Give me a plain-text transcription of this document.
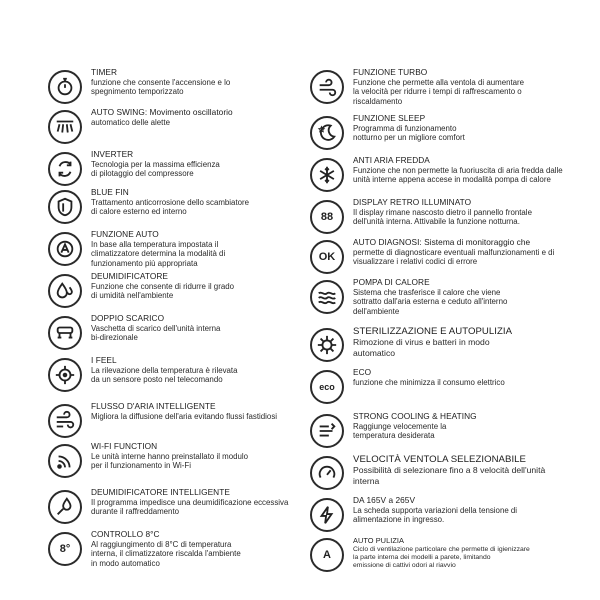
TIMER
funzione che consente l'accensione e lo
spegnimento temporizzato
AUTO SWING: Movimento oscillatorio
automatico delle alette
INVERTER
Tecnologia per la massima efficienza
di pilotaggio del compressore
BLUE FIN
Trattamento anticorrosione dello scambiatore
di calore esterno ed interno
FUNZIONE AUTO
In base alla temperatura impostata il
climatizzatore determina la modalità di
funzionamento più appropriata
DEUMIDIFICATORE
Funzione che consente di ridurre il grado
di umidità nell'ambiente
DOPPIO SCARICO
Vaschetta di scarico dell'unità interna
bi-direzionale
I FEEL
La rilevazione della temperatura è rilevata
da un sensore posto nel telecomando
FLUSSO D'ARIA INTELLIGENTE
Migliora la diffusione dell'aria evitando flussi fastidiosi
WI-FI FUNCTION
Le unità interne hanno preinstallato il modulo
per il funzionamento in Wi-Fi
DEUMIDIFICATORE INTELLIGENTE
Il programma impedisce una deumidificazione eccessiva
durante il raffreddamento
8°
CONTROLLO 8°C
Al raggiungimento di 8°C di temperatura
interna, il climatizzatore riscalda l'ambiente
in modo automatico
FUNZIONE TURBO
Funzione che permette alla ventola di aumentare
la velocità per ridurre i tempi di raffrescamento o
riscaldamento
FUNZIONE SLEEP
Programma di funzionamento
notturno per un migliore comfort
ANTI ARIA FREDDA
Funzione che non permette la fuoriuscita di aria fredda dalle
unità interne appena accese in modalità pompa di calore
88
DISPLAY RETRO ILLUMINATO
Il display rimane nascosto dietro il pannello frontale
dell'unità interna. Attivabile la funzione notturna.
OK
AUTO DIAGNOSI: Sistema di monitoraggio che
permette di diagnosticare eventuali malfunzionamenti e di
visualizzare i relativi codici di errore
POMPA DI CALORE
Sistema che trasferisce il calore che viene
sottratto dall'aria esterna e ceduto all'interno
dell'ambiente
STERILIZZAZIONE E AUTOPULIZIA
Rimozione di virus e batteri in modo
automatico
eco
ECO
funzione che minimizza il consumo elettrico
STRONG COOLING & HEATING
Raggiunge velocemente la
temperatura desiderata
VELOCITÀ VENTOLA SELEZIONABILE
Possibilità di selezionare fino a 8 velocità dell'unità
interna
DA 165V a 265V
La scheda supporta variazioni della tensione di
alimentazione in ingresso.
A
AUTO PULIZIA
Ciclo di ventilazione particolare che permette di igienizzare
la parte interna dei modelli a parete, limitando
emissione di cattivi odori al riavvio
